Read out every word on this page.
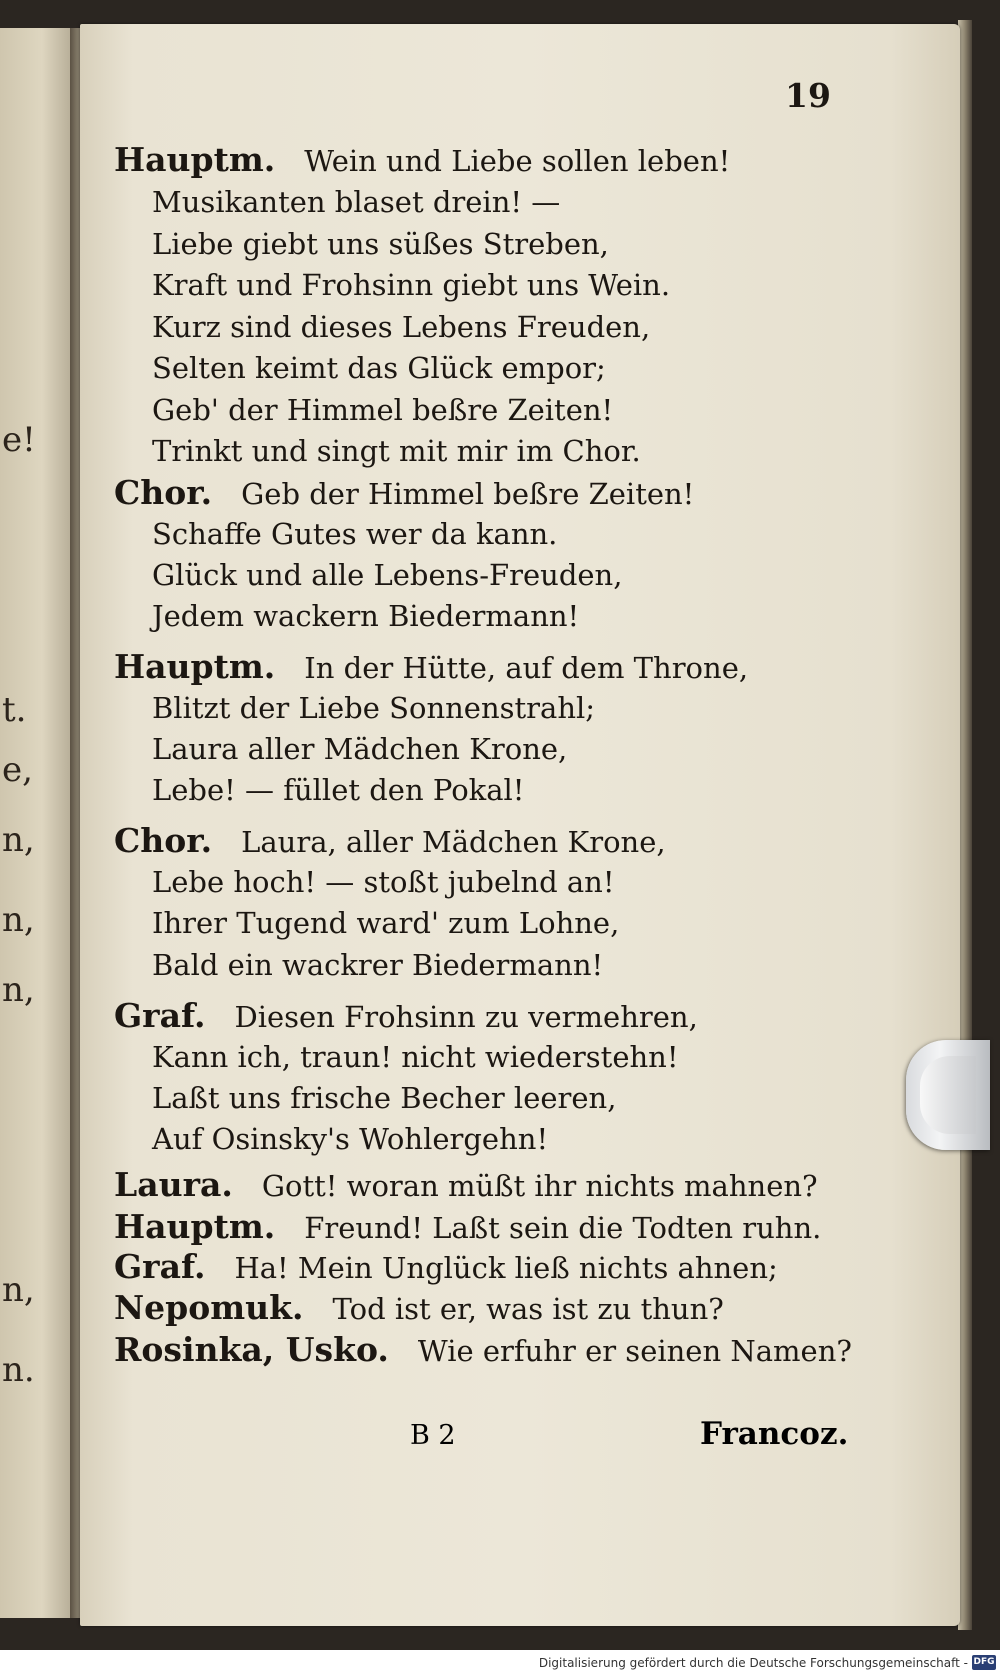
e!
t.
e,
n,
n,
n,
n,
n.
19
Hauptm.  Wein und Liebe sollen leben!
Musikanten blaset drein! —
Liebe giebt uns süßes Streben,
Kraft und Frohsinn giebt uns Wein.
Kurz sind dieses Lebens Freuden,
Selten keimt das Glück empor;
Geb' der Himmel beßre Zeiten!
Trinkt und singt mit mir im Chor.
Chor.  Geb der Himmel beßre Zeiten!
Schaffe Gutes wer da kann.
Glück und alle Lebens-Freuden,
Jedem wackern Biedermann!
Hauptm.  In der Hütte, auf dem Throne,
Blitzt der Liebe Sonnenstrahl;
Laura aller Mädchen Krone,
Lebe! — füllet den Pokal!
Chor.  Laura, aller Mädchen Krone,
Lebe hoch! — stoßt jubelnd an!
Ihrer Tugend ward' zum Lohne,
Bald ein wackrer Biedermann!
Graf.  Diesen Frohsinn zu vermehren,
Kann ich, traun! nicht wiederstehn!
Laßt uns frische Becher leeren,
Auf Osinsky's Wohlergehn!
Laura.  Gott! woran müßt ihr nichts mahnen?
Hauptm.  Freund! Laßt sein die Todten ruhn.
Graf.  Ha! Mein Unglück ließ nichts ahnen;
Nepomuk.  Tod ist er, was ist zu thun?
Rosinka, Usko.  Wie erfuhr er seinen Namen?
B 2	Francoz.
Digitalisierung gefördert durch die Deutsche Forschungsgemeinschaft - DFG
